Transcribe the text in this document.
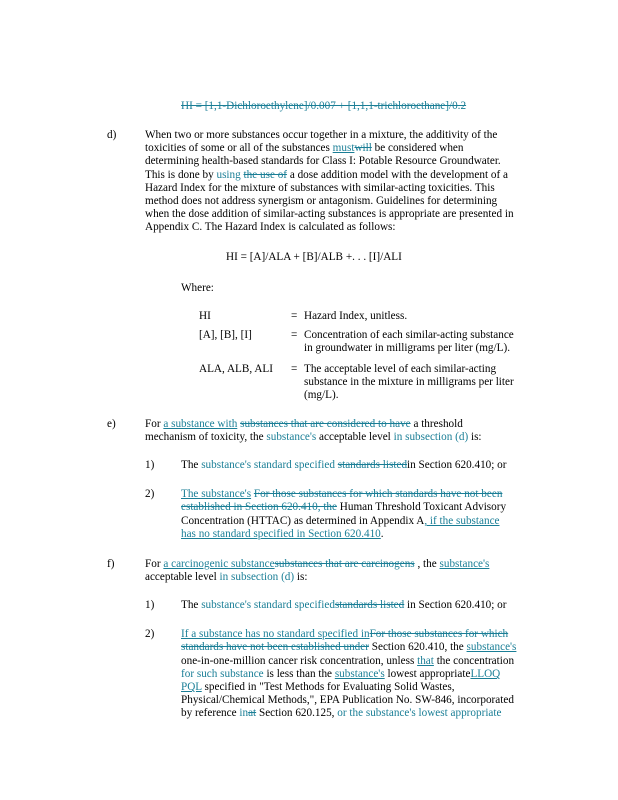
HI = [1,1-Dichloroethylene]/0.007 + [1,1,1-trichloroethane]/0.2
d)	When two or more substances occur together in a mixture, the additivity of the
toxicities of some or all of the substances mustwill be considered when
determining health-based standards for Class I: Potable Resource Groundwater.
This is done by using the use of a dose addition model with the development of a
Hazard Index for the mixture of substances with similar-acting toxicities. This
method does not address synergism or antagonism. Guidelines for determining
when the dose addition of similar-acting substances is appropriate are presented in
Appendix C. The Hazard Index is calculated as follows:
HI = [A]/ALA + [B]/ALB +. . . [I]/ALI
Where:
HI	= Hazard Index, unitless.
[A], [B], [I]	= Concentration of each similar-acting substance
in groundwater in milligrams per liter (mg/L).
ALA, ALB, ALI = The acceptable level of each similar-acting
substance in the mixture in milligrams per liter
(mg/L).
e)	For a substance with substances that are considered to have a threshold
mechanism of toxicity, the substance's acceptable level in subsection (d) is:
1) The substance's standard specified standards listedin Section 620.410; or
2) The substance's For those substances for which standards have not been
established in Section 620.410, the Human Threshold Toxicant Advisory
Concentration (HTTAC) as determined in Appendix A, if the substance
has no standard specified in Section 620.410.
f)	For a carcinogenic substancesubstances that are carcinogens , the substance's
acceptable level in subsection (d) is:
1) The substance's standard specifiedstandards listed in Section 620.410; or
2) If a substance has no standard specified inFor those substances for which
standards have not been established under Section 620.410, the substance's
one-in-one-million cancer risk concentration, unless that the concentration
for such substance is less than the substance's lowest appropriateLLOQ
PQL specified in "Test Methods for Evaluating Solid Wastes,
Physical/Chemical Methods,", EPA Publication No. SW-846, incorporated
by reference inat Section 620.125, or the substance's lowest appropriate
